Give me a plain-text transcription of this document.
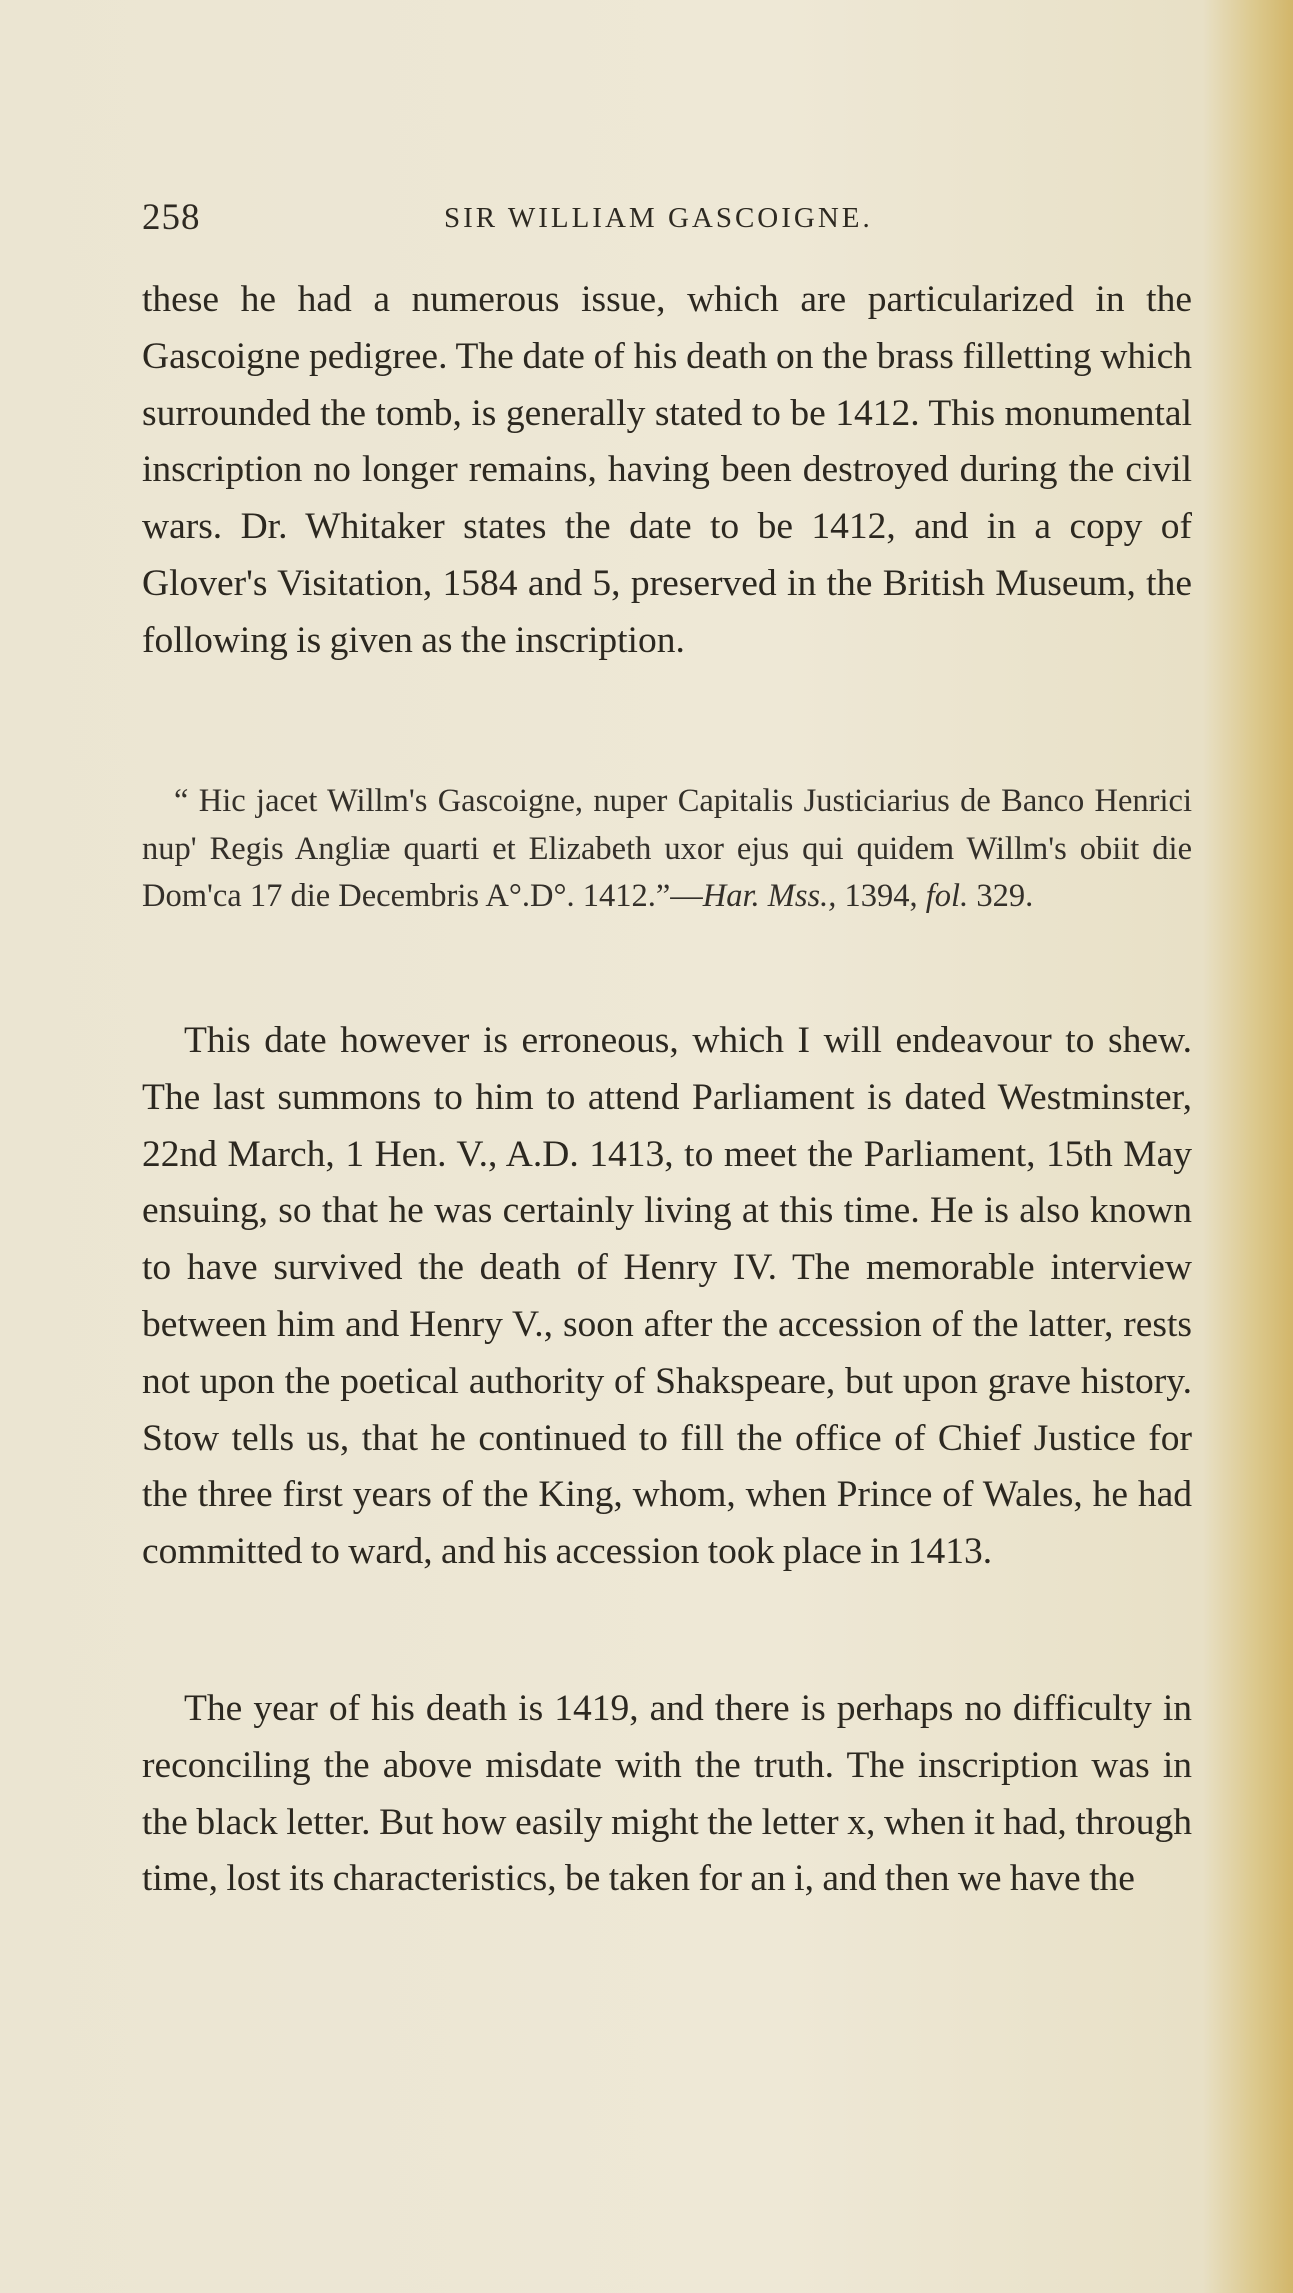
258	SIR WILLIAM GASCOIGNE.

these he had a numerous issue, which are particularized in the Gascoigne pedigree. The date of his death on the brass filletting which surrounded the tomb, is generally stated to be 1412. This monumental inscription no longer remains, having been destroyed during the civil wars. Dr. Whitaker states the date to be 1412, and in a copy of Glover's Visitation, 1584 and 5, preserved in the British Museum, the following is given as the inscription.

“ Hic jacet Willm's Gascoigne, nuper Capitalis Justiciarius de Banco Henrici nup' Regis Angliæ quarti et Elizabeth uxor ejus qui quidem Willm's obiit die Dom'ca 17 die Decembris A°.D°. 1412.”—Har. Mss., 1394, fol. 329.

This date however is erroneous, which I will endeavour to shew. The last summons to him to attend Parliament is dated Westminster, 22nd March, 1 Hen. V., A.D. 1413, to meet the Parliament, 15th May ensuing, so that he was certainly living at this time. He is also known to have survived the death of Henry IV. The memorable interview between him and Henry V., soon after the accession of the latter, rests not upon the poetical authority of Shakspeare, but upon grave history. Stow tells us, that he continued to fill the office of Chief Justice for the three first years of the King, whom, when Prince of Wales, he had committed to ward, and his accession took place in 1413.

The year of his death is 1419, and there is perhaps no difficulty in reconciling the above misdate with the truth. The inscription was in the black letter. But how easily might the letter x, when it had, through time, lost its characteristics, be taken for an i, and then we have the
